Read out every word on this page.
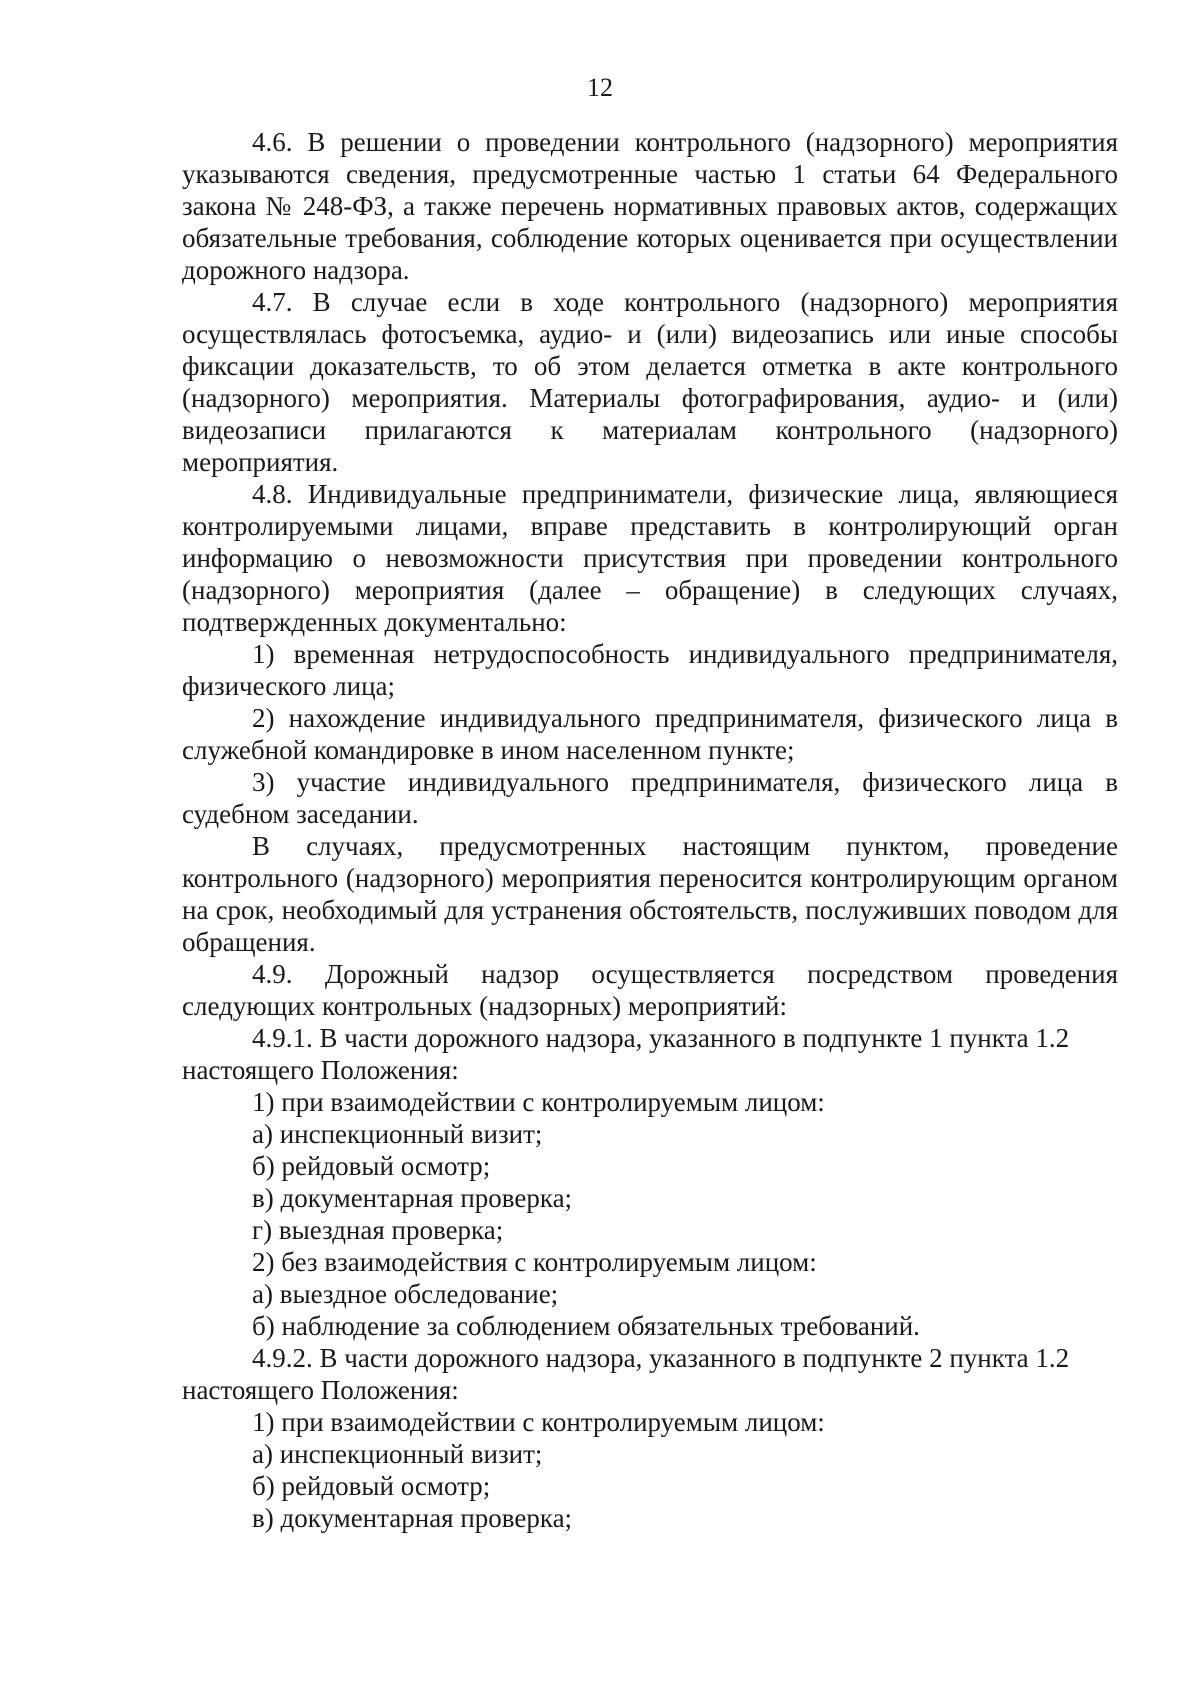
12

4.6. В решении о проведении контрольного (надзорного) мероприятия указываются сведения, предусмотренные частью 1 статьи 64 Федерального закона № 248-ФЗ, а также перечень нормативных правовых актов, содержащих обязательные требования, соблюдение которых оценивается при осуществлении дорожного надзора.

4.7. В случае если в ходе контрольного (надзорного) мероприятия осуществлялась фотосъемка, аудио- и (или) видеозапись или иные способы фиксации доказательств, то об этом делается отметка в акте контрольного (надзорного) мероприятия. Материалы фотографирования, аудио- и (или) видеозаписи прилагаются к материалам контрольного (надзорного) мероприятия.

4.8. Индивидуальные предприниматели, физические лица, являющиеся контролируемыми лицами, вправе представить в контролирующий орган информацию о невозможности присутствия при проведении контрольного (надзорного) мероприятия (далее – обращение) в следующих случаях, подтвержденных документально:

1) временная нетрудоспособность индивидуального предпринимателя, физического лица;

2) нахождение индивидуального предпринимателя, физического лица в служебной командировке в ином населенном пункте;

3) участие индивидуального предпринимателя, физического лица в судебном заседании.

В случаях, предусмотренных настоящим пунктом, проведение контрольного (надзорного) мероприятия переносится контролирующим органом на срок, необходимый для устранения обстоятельств, послуживших поводом для обращения.

4.9. Дорожный надзор осуществляется посредством проведения следующих контрольных (надзорных) мероприятий:

4.9.1. В части дорожного надзора, указанного в подпункте 1 пункта 1.2 настоящего Положения:

1) при взаимодействии с контролируемым лицом:

а) инспекционный визит;

б) рейдовый осмотр;

в) документарная проверка;

г) выездная проверка;

2) без взаимодействия с контролируемым лицом:

а) выездное обследование;

б) наблюдение за соблюдением обязательных требований.

4.9.2. В части дорожного надзора, указанного в подпункте 2 пункта 1.2 настоящего Положения:

1) при взаимодействии с контролируемым лицом:

а) инспекционный визит;

б) рейдовый осмотр;

в) документарная проверка;
